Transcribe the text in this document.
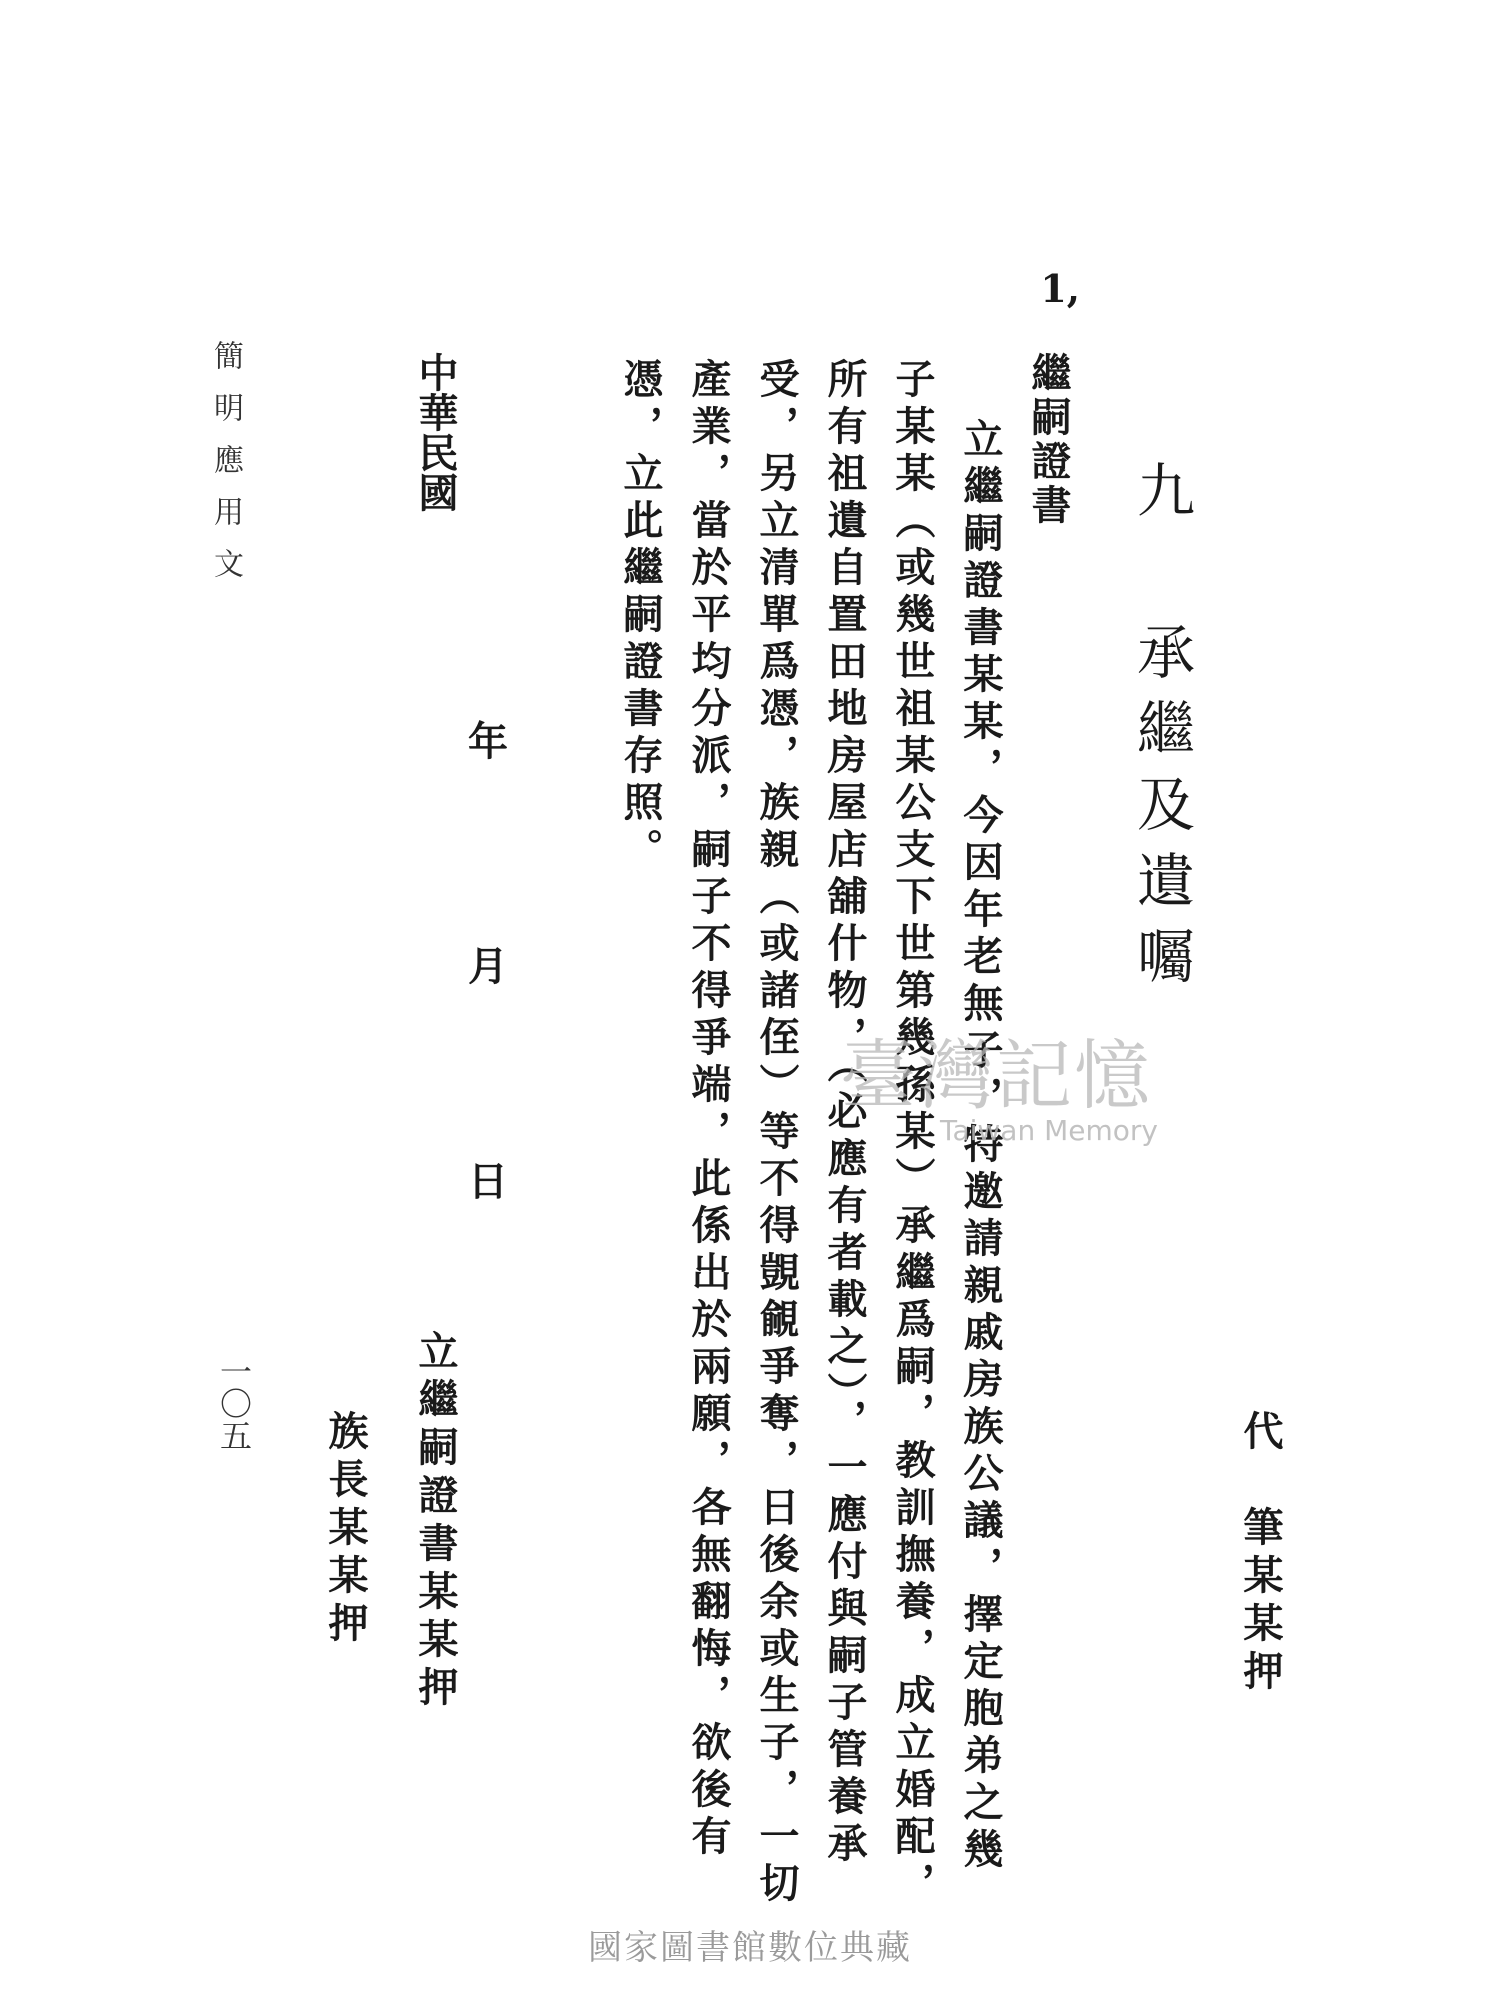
簡明應用文
一〇五
九 承繼及遺囑
1,
繼嗣證書
立繼嗣證書某某，今因年老無子，特邀請親戚房族公議，擇定胞弟之幾
子某某（或幾世祖某公支下世第幾孫某）承繼爲嗣，教訓撫養，成立婚配，
所有祖遺自置田地房屋店舖什物，（必應有者載之），一應付與嗣子管養承
受，另立清單爲憑，族親（或諸侄）等不得覬覦爭奪，日後余或生子，一切
產業，當於平均分派，嗣子不得爭端，此係出於兩願，各無翻悔，欲後有
憑，立此繼嗣證書存照。
中華民國
年
月
日
代　筆某某押
立繼嗣證書某某押
族長某某押
臺灣記憶
Taiwan Memory
國家圖書館數位典藏
